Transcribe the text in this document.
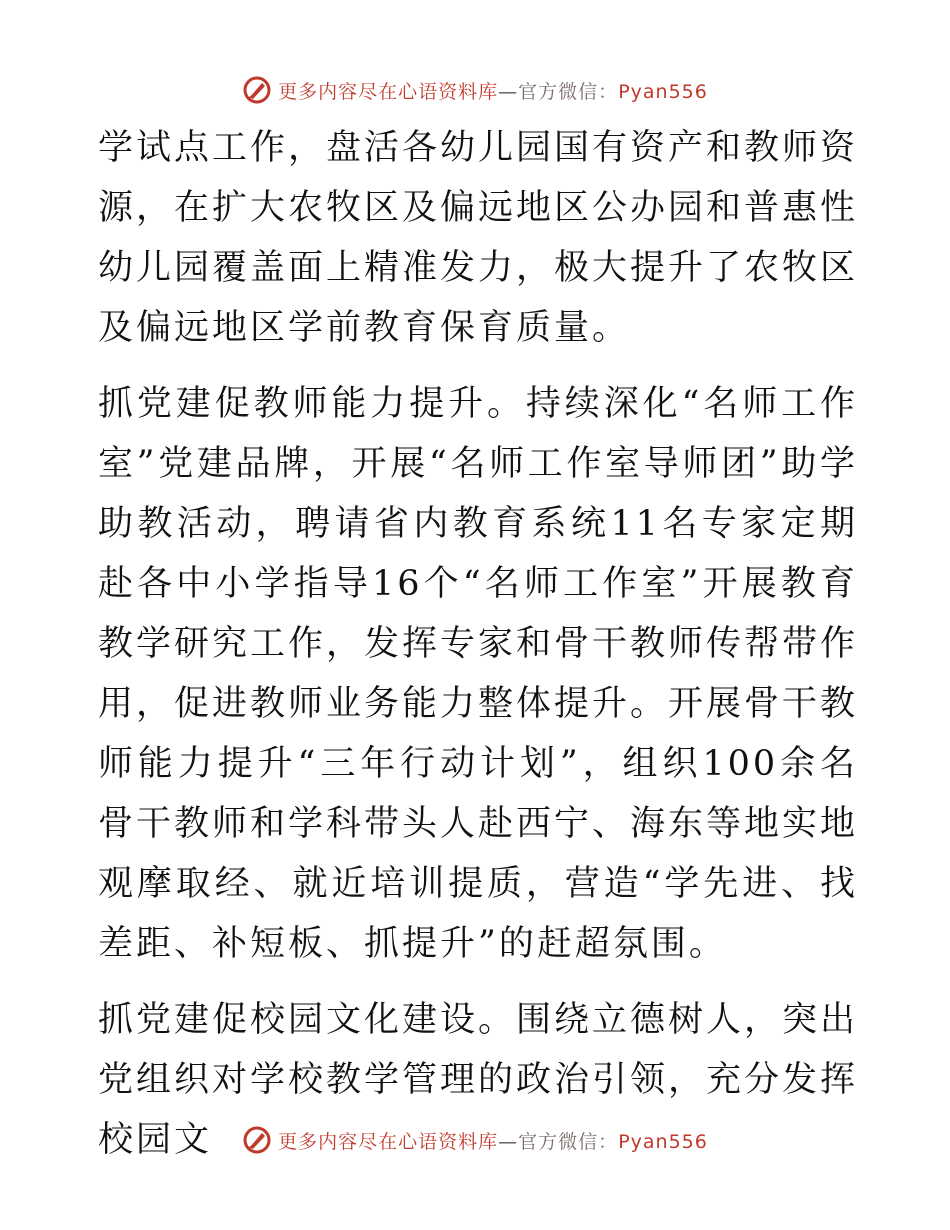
更多内容尽在心语资料库—官方微信：Pyan556

学试点工作，盘活各幼儿园国有资产和教师资源，在扩大农牧区及偏远地区公办园和普惠性幼儿园覆盖面上精准发力，极大提升了农牧区及偏远地区学前教育保育质量。

抓党建促教师能力提升。持续深化“名师工作室”党建品牌，开展“名师工作室导师团”助学助教活动，聘请省内教育系统11名专家定期赴各中小学指导16个“名师工作室”开展教育教学研究工作，发挥专家和骨干教师传帮带作用，促进教师业务能力整体提升。开展骨干教师能力提升“三年行动计划”，组织100余名骨干教师和学科带头人赴西宁、海东等地实地观摩取经、就近培训提质，营造“学先进、找差距、补短板、抓提升”的赶超氛围。

抓党建促校园文化建设。围绕立德树人，突出党组织对学校教学管理的政治引领，充分发挥校园文	更多内容尽在心语资料库—官方微信：Pyan556
